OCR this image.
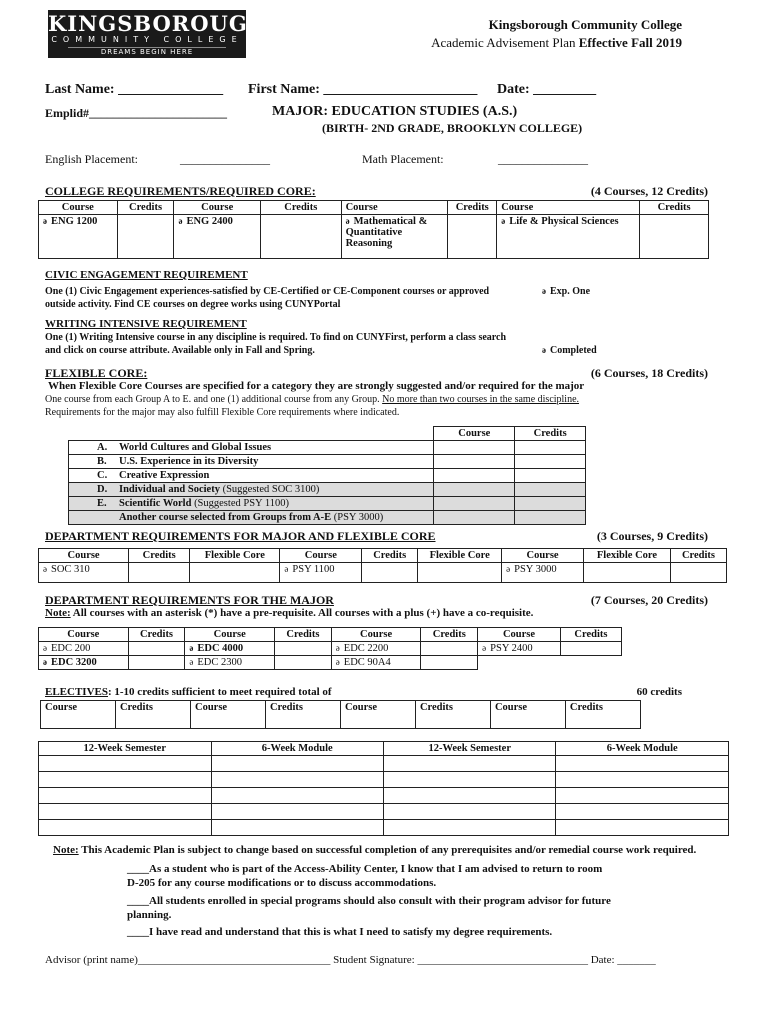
KINGSBOROUGH
COMMUNITY COLLEGE
DREAMS BEGIN HERE
Kingsborough Community College
Academic Advisement Plan Effective Fall 2019
Last Name: _______________ First Name: ______________________ Date: _________
Emplid#_______________________	MAJOR: EDUCATION STUDIES (A.S.)
(BIRTH- 2ND GRADE, BROOKLYN COLLEGE)
English Placement:	_______________	Math Placement:	_______________
COLLEGE REQUIREMENTS/REQUIRED CORE:	(4 Courses, 12 Credits)
Course	Credits	Course	Credits	Course	Credits	Course	Credits
ə ENG 1200		ə ENG 2400		ə Mathematical & Quantitative Reasoning		ə Life & Physical Sciences	
CIVIC ENGAGEMENT REQUIREMENT
One (1) Civic Engagement experiences-satisfied by CE-Certified or CE-Component courses or approved outside activity. Find CE courses on degree works using CUNYPortal
ə Exp. One
WRITING INTENSIVE REQUIREMENT
One (1) Writing Intensive course in any discipline is required. To find on CUNYFirst, perform a class search and click on course attribute. Available only in Fall and Spring.	ə Completed
FLEXIBLE CORE:	(6 Courses, 18 Credits)
When Flexible Core Courses are specified for a category they are strongly suggested and/or required for the major
One course from each Group A to E. and one (1) additional course from any Group. No more than two courses in the same discipline.
Requirements for the major may also fulfill Flexible Core requirements where indicated.
	Course	Credits
A. World Cultures and Global Issues		
B. U.S. Experience in its Diversity		
C. Creative Expression		
D. Individual and Society (Suggested SOC 3100)		
E. Scientific World (Suggested PSY 1100)		
Another course selected from Groups from A-E (PSY 3000)		
DEPARTMENT REQUIREMENTS FOR MAJOR AND FLEXIBLE CORE	(3 Courses, 9 Credits)
Course	Credits	Flexible Core	Course	Credits	Flexible Core	Course	Flexible Core	Credits
ə SOC 310			ə PSY 1100			ə PSY 3000		
DEPARTMENT REQUIREMENTS FOR THE MAJOR	(7 Courses, 20 Credits)
Note: All courses with an asterisk (*) have a pre-requisite. All courses with a plus (+) have a co-requisite.
Course	Credits	Course	Credits	Course	Credits	Course	Credits
ə EDC 200		ə EDC 4000		ə EDC 2200		ə PSY 2400	
ə EDC 3200		ə EDC 2300		ə EDC 90A4			
ELECTIVES: 1-10 credits sufficient to meet required total of	60 credits
Course	Credits	Course	Credits	Course	Credits	Course	Credits

12-Week Semester	6-Week Module	12-Week Semester	6-Week Module

Note: This Academic Plan is subject to change based on successful completion of any prerequisites and/or remedial course work required.
____As a student who is part of the Access-Ability Center, I know that I am advised to return to room
D-205 for any course modifications or to discuss accommodations.
____All students enrolled in special programs should also consult with their program advisor for future
planning.
____I have read and understand that this is what I need to satisfy my degree requirements.
Advisor (print name)___________________________________ Student Signature: _______________________________ Date: _______
